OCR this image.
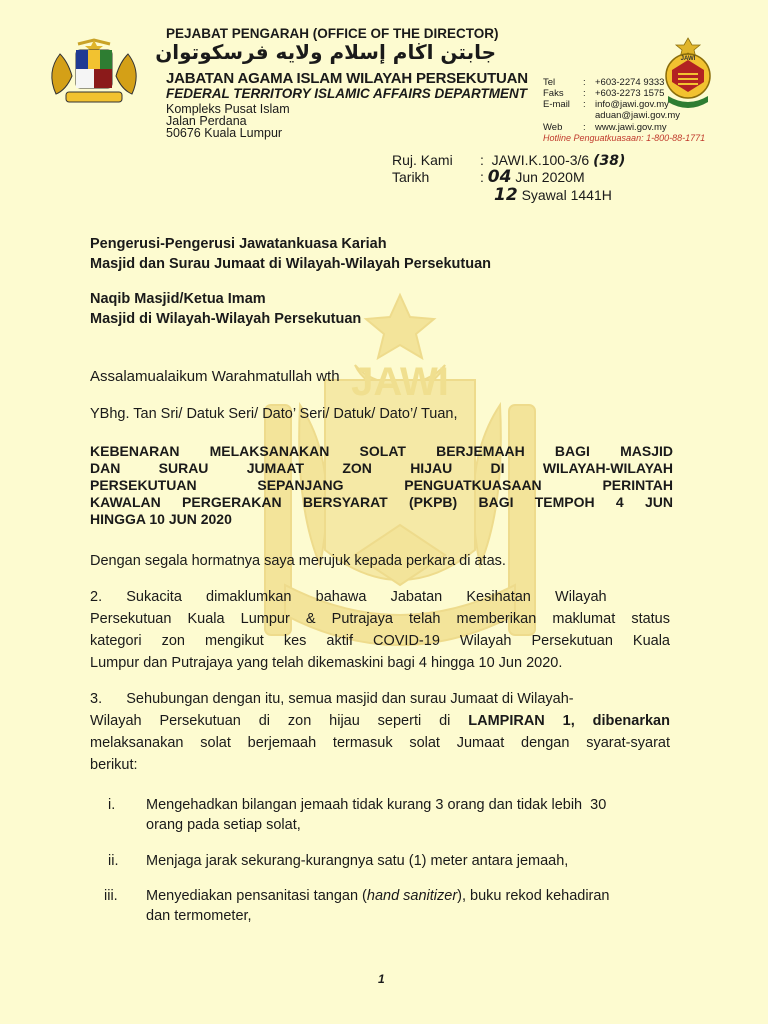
JAWI
PEJABAT PENGARAH (OFFICE OF THE DIRECTOR)
جابتن اڬام إسلام ولايه فرسكوتوان
JABATAN AGAMA ISLAM WILAYAH PERSEKUTUAN
FEDERAL TERRITORY ISLAMIC AFFAIRS DEPARTMENT
Kompleks Pusat Islam
Jalan Perdana
50676 Kuala Lumpur
Tel	: +603-2274 9333
Faks : +603-2273 1575
E-mail : info@jawi.gov.my
aduan@jawi.gov.my
Web : www.jawi.gov.my
Hotline Penguatkuasaan: 1-800-88-1771
JAWI
Ruj. Kami :  JAWI.K.100-3/6 (38)
Tarikh	: 04 Jun 2020M
12 Syawal 1441H
Pengerusi-Pengerusi Jawatankuasa Kariah
Masjid dan Surau Jumaat di Wilayah-Wilayah Persekutuan
Naqib Masjid/Ketua Imam
Masjid di Wilayah-Wilayah Persekutuan
Assalamualaikum Warahmatullah wth
YBhg. Tan Sri/ Datuk Seri/ Dato’ Seri/ Datuk/ Dato’/ Tuan,
KEBENARAN MELAKSANAKAN SOLAT BERJEMAAH BAGI MASJID
DAN SURAU JUMAAT ZON HIJAU DI WILAYAH-WILAYAH
PERSEKUTUAN SEPANJANG PENGUATKUASAAN PERINTAH
KAWALAN PERGERAKAN BERSYARAT (PKPB) BAGI TEMPOH 4 JUN
HINGGA 10 JUN 2020
Dengan segala hormatnya saya merujuk kepada perkara di atas.
2.      Sukacita      dimaklumkan      bahawa      Jabatan      Kesihatan      Wilayah
Persekutuan Kuala Lumpur & Putrajaya telah memberikan maklumat status
kategori zon mengikut kes aktif COVID-19 Wilayah Persekutuan Kuala
Lumpur dan Putrajaya yang telah dikemaskini bagi 4 hingga 10 Jun 2020.
3.      Sehubungan dengan itu, semua masjid dan surau Jumaat di Wilayah-
Wilayah Persekutuan di zon hijau seperti di LAMPIRAN 1, dibenarkan
melaksanakan solat berjemaah termasuk solat Jumaat dengan syarat-syarat
berikut:
i. Mengehadkan bilangan jemaah tidak kurang 3 orang dan tidak lebih  30
orang pada setiap solat,
ii. Menjaga jarak sekurang-kurangnya satu (1) meter antara jemaah,
iii. Menyediakan pensanitasi tangan (hand sanitizer), buku rekod kehadiran
dan termometer,
1
